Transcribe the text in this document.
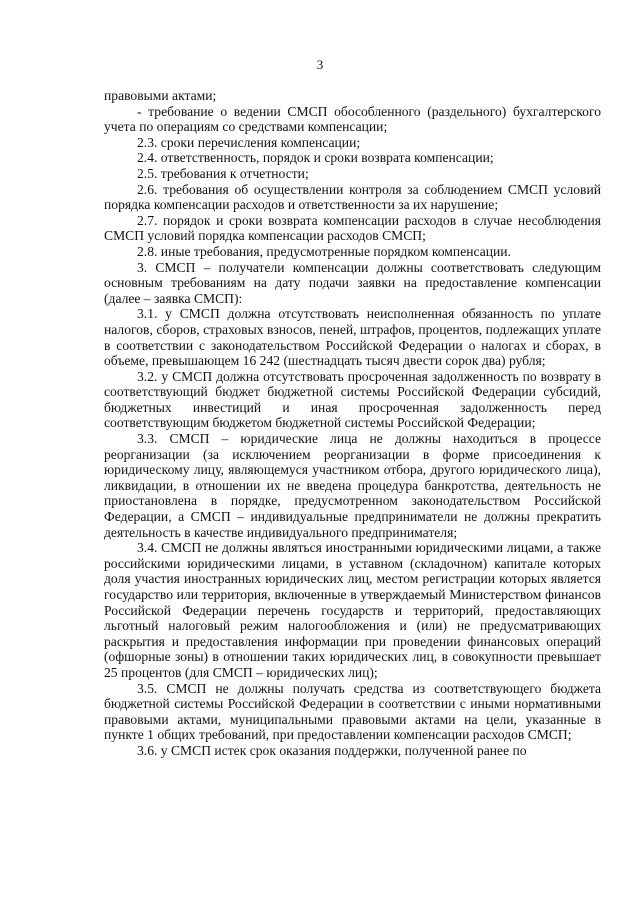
3

правовыми актами;

- требование о ведении СМСП обособленного (раздельного) бухгалтерского учета по операциям со средствами компенсации;

2.3. сроки перечисления компенсации;

2.4. ответственность, порядок и сроки возврата компенсации;

2.5. требования к отчетности;

2.6. требования об осуществлении контроля за соблюдением СМСП условий порядка компенсации расходов и ответственности за их нарушение;

2.7. порядок и сроки возврата компенсации расходов в случае несоблюдения СМСП условий порядка компенсации расходов СМСП;

2.8. иные требования, предусмотренные порядком компенсации.

3. СМСП – получатели компенсации должны соответствовать следующим основным требованиям на дату подачи заявки на предоставление компенсации (далее – заявка СМСП):

3.1. у СМСП должна отсутствовать неисполненная обязанность по уплате налогов, сборов, страховых взносов, пеней, штрафов, процентов, подлежащих уплате в соответствии с законодательством Российской Федерации о налогах и сборах, в объеме, превышающем 16 242 (шестнадцать тысяч двести сорок два) рубля;

3.2. у СМСП должна отсутствовать просроченная задолженность по возврату в соответствующий бюджет бюджетной системы Российской Федерации субсидий, бюджетных инвестиций и иная просроченная задолженность перед соответствующим бюджетом бюджетной системы Российской Федерации;

3.3. СМСП – юридические лица не должны находиться в процессе реорганизации (за исключением реорганизации в форме присоединения к юридическому лицу, являющемуся участником отбора, другого юридического лица), ликвидации, в отношении их не введена процедура банкротства, деятельность не приостановлена в порядке, предусмотренном законодательством Российской Федерации, а СМСП – индивидуальные предприниматели не должны прекратить деятельность в качестве индивидуального предпринимателя;

3.4. СМСП не должны являться иностранными юридическими лицами, а также российскими юридическими лицами, в уставном (складочном) капитале которых доля участия иностранных юридических лиц, местом регистрации которых является государство или территория, включенные в утверждаемый Министерством финансов Российской Федерации перечень государств и территорий, предоставляющих льготный налоговый режим налогообложения и (или) не предусматривающих раскрытия и предоставления информации при проведении финансовых операций (офшорные зоны) в отношении таких юридических лиц, в совокупности превышает 25 процентов (для СМСП – юридических лиц);

3.5. СМСП не должны получать средства из соответствующего бюджета бюджетной системы Российской Федерации в соответствии с иными нормативными правовыми актами, муниципальными правовыми актами на цели, указанные в пункте 1 общих требований, при предоставлении компенсации расходов СМСП;

3.6. у СМСП истек срок оказания поддержки, полученной ранее по
